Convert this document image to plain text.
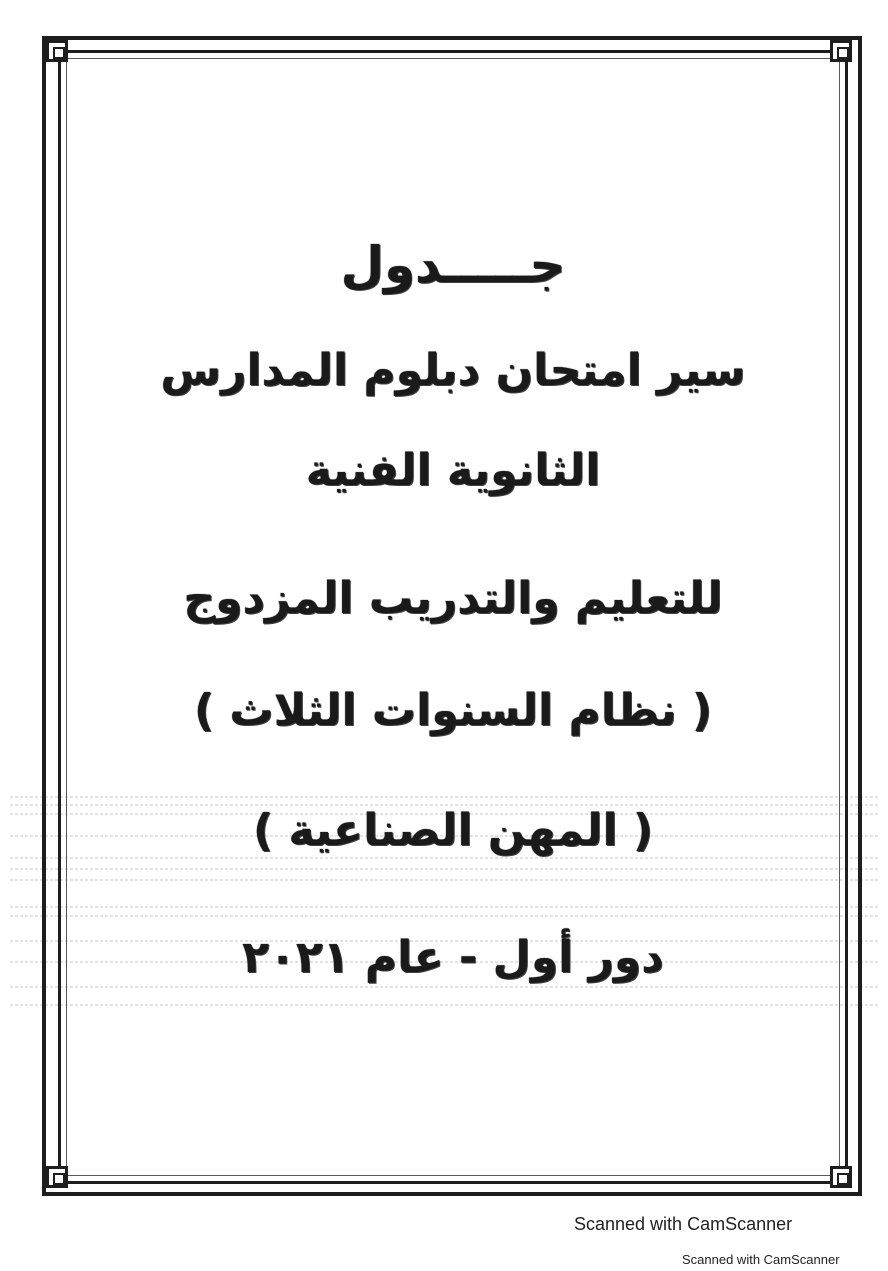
جـــــدول
سير امتحان دبلوم المدارس
الثانوية الفنية
للتعليم والتدريب المزدوج
( نظام السنوات الثلاث )
( المهن الصناعية )
دور أول - عام ٢٠٢١
Scanned with CamScanner
Scanned with CamScanner
